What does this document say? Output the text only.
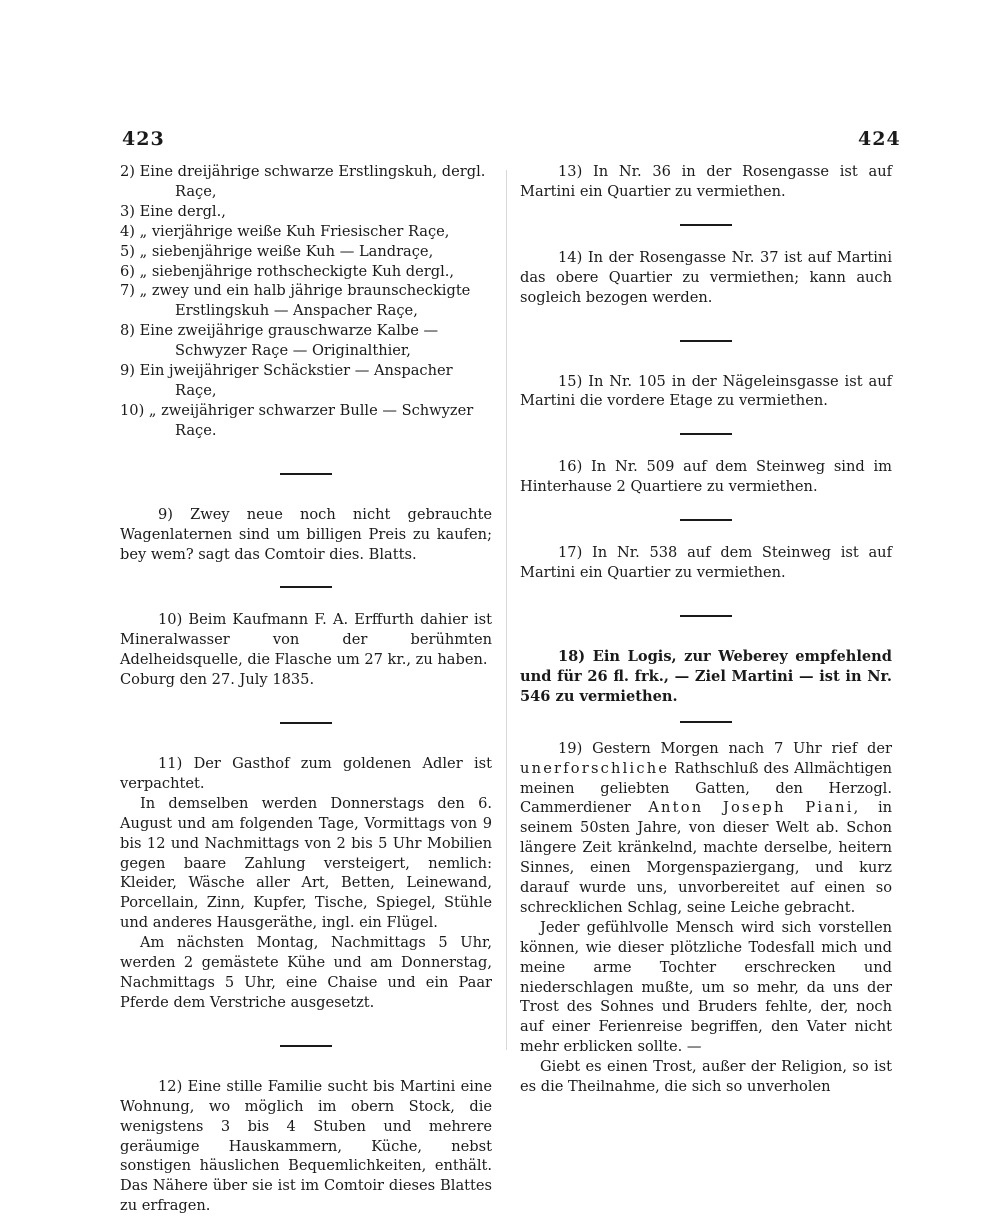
423	424

2) Eine dreijährige schwarze Erstlingskuh, dergl. Raçe,

3) Eine dergl.,

4) „ vierjährige weiße Kuh Friesischer Raçe,

5) „ siebenjährige weiße Kuh — Landraçe,

6) „ siebenjährige rothscheckigte Kuh dergl.,

7) „ zwey und ein halb jährige braunscheckigte Erstlingskuh — Anspacher Raçe,

8) Eine zweijährige grauschwarze Kalbe — Schwyzer Raçe — Originalthier,

9) Ein jweijähriger Schäckstier — Anspacher Raçe,

10) „ zweijähriger schwarzer Bulle — Schwyzer Raçe.

9) Zwey neue noch nicht gebrauchte Wagenlaternen sind um billigen Preis zu kaufen; bey wem? sagt das Comtoir dies. Blatts.

10) Beim Kaufmann F. A. Erffurth dahier ist Mineralwasser von der berühmten Adelheidsquelle, die Flasche um 27 kr., zu haben.

Coburg den 27. July 1835.

11) Der Gasthof zum goldenen Adler ist verpachtet.

In demselben werden Donnerstags den 6. August und am folgenden Tage, Vormittags von 9 bis 12 und Nachmittags von 2 bis 5 Uhr Mobilien gegen baare Zahlung versteigert, nemlich: Kleider, Wäsche aller Art, Betten, Leinewand, Porcellain, Zinn, Kupfer, Tische, Spiegel, Stühle und anderes Hausgeräthe, ingl. ein Flügel.

Am nächsten Montag, Nachmittags 5 Uhr, werden 2 gemästete Kühe und am Donnerstag, Nachmittags 5 Uhr, eine Chaise und ein Paar Pferde dem Verstriche ausgesetzt.

12) Eine stille Familie sucht bis Martini eine Wohnung, wo möglich im obern Stock, die wenigstens 3 bis 4 Stuben und mehrere geräumige Hauskammern, Küche, nebst sonstigen häuslichen Bequemlichkeiten, enthält. Das Nähere über sie ist im Comtoir dieses Blattes zu erfragen.

13) In Nr. 36 in der Rosengasse ist auf Martini ein Quartier zu vermiethen.

14) In der Rosengasse Nr. 37 ist auf Martini das obere Quartier zu vermiethen; kann auch sogleich bezogen werden.

15) In Nr. 105 in der Nägeleinsgasse ist auf Martini die vordere Etage zu vermiethen.

16) In Nr. 509 auf dem Steinweg sind im Hinterhause 2 Quartiere zu vermiethen.

17) In Nr. 538 auf dem Steinweg ist auf Martini ein Quartier zu vermiethen.

18) Ein Logis, zur Weberey empfehlend und für 26 fl. frk., — Ziel Martini — ist in Nr. 546 zu vermiethen.

19) Gestern Morgen nach 7 Uhr rief der unerforschliche Rathschluß des Allmächtigen meinen geliebten Gatten, den Herzogl. Cammerdiener Anton Joseph Piani, in seinem 50sten Jahre, von dieser Welt ab. Schon längere Zeit kränkelnd, machte derselbe, heitern Sinnes, einen Morgenspaziergang, und kurz darauf wurde uns, unvorbereitet auf einen so schrecklichen Schlag, seine Leiche gebracht.

Jeder gefühlvolle Mensch wird sich vorstellen können, wie dieser plötzliche Todesfall mich und meine arme Tochter erschrecken und niederschlagen mußte, um so mehr, da uns der Trost des Sohnes und Bruders fehlte, der, noch auf einer Ferienreise begriffen, den Vater nicht mehr erblicken sollte. —

Giebt es einen Trost, außer der Religion, so ist es die Theilnahme, die sich so unverholen
